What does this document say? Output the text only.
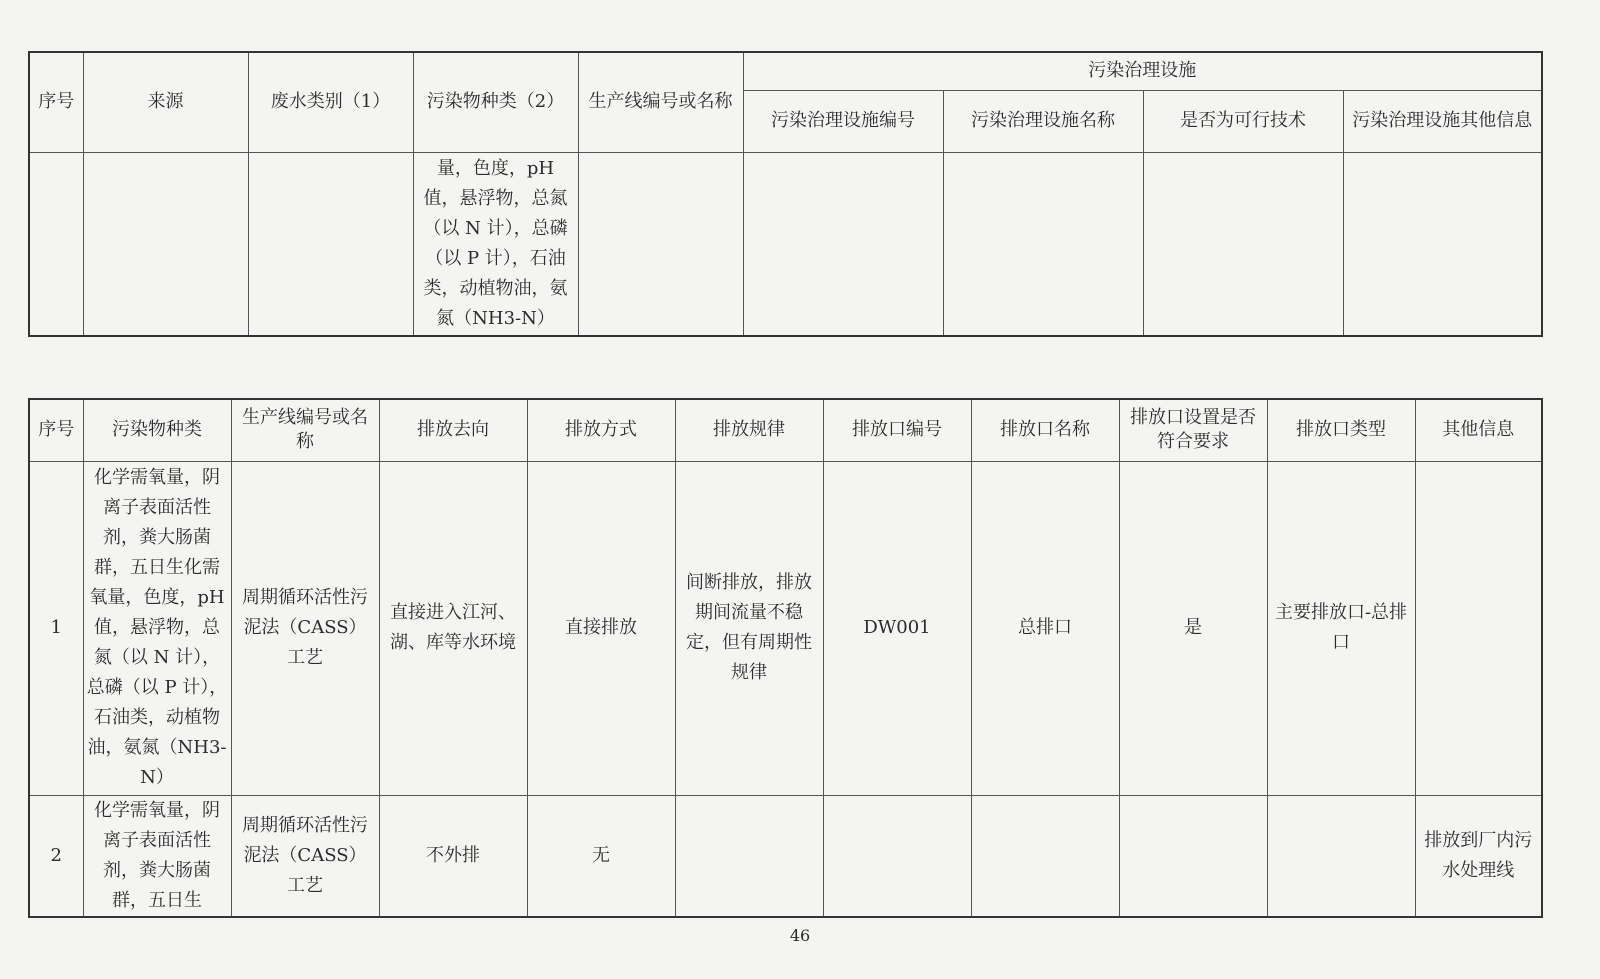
序号	来源	废水类别（1）	污染物种类（2）	生产线编号或名称	污染治理设施			
					污染治理设施编号	污染治理设施名称	是否为可行技术	污染治理设施其他信息
			量，色度，pH 值，悬浮物，总氮（以 N 计），总磷（以 P 计），石油类，动植物油，氨氮（NH3-N）					
序号	污染物种类	生产线编号或名称	排放去向	排放方式	排放规律	排放口编号	排放口名称	排放口设置是否符合要求	排放口类型	其他信息
1	化学需氧量，阴离子表面活性剂，粪大肠菌群，五日生化需氧量，色度，pH 值，悬浮物，总氮（以 N 计），总磷（以 P 计），石油类，动植物油，氨氮（NH3-N）	周期循环活性污泥法（CASS）工艺	直接进入江河、湖、库等水环境	直接排放	间断排放，排放期间流量不稳定，但有周期性规律	DW001	总排口	是	主要排放口-总排口	
2	化学需氧量，阴离子表面活性剂，粪大肠菌群，五日生	周期循环活性污泥法（CASS）工艺	不外排	无						排放到厂内污水处理线
46
